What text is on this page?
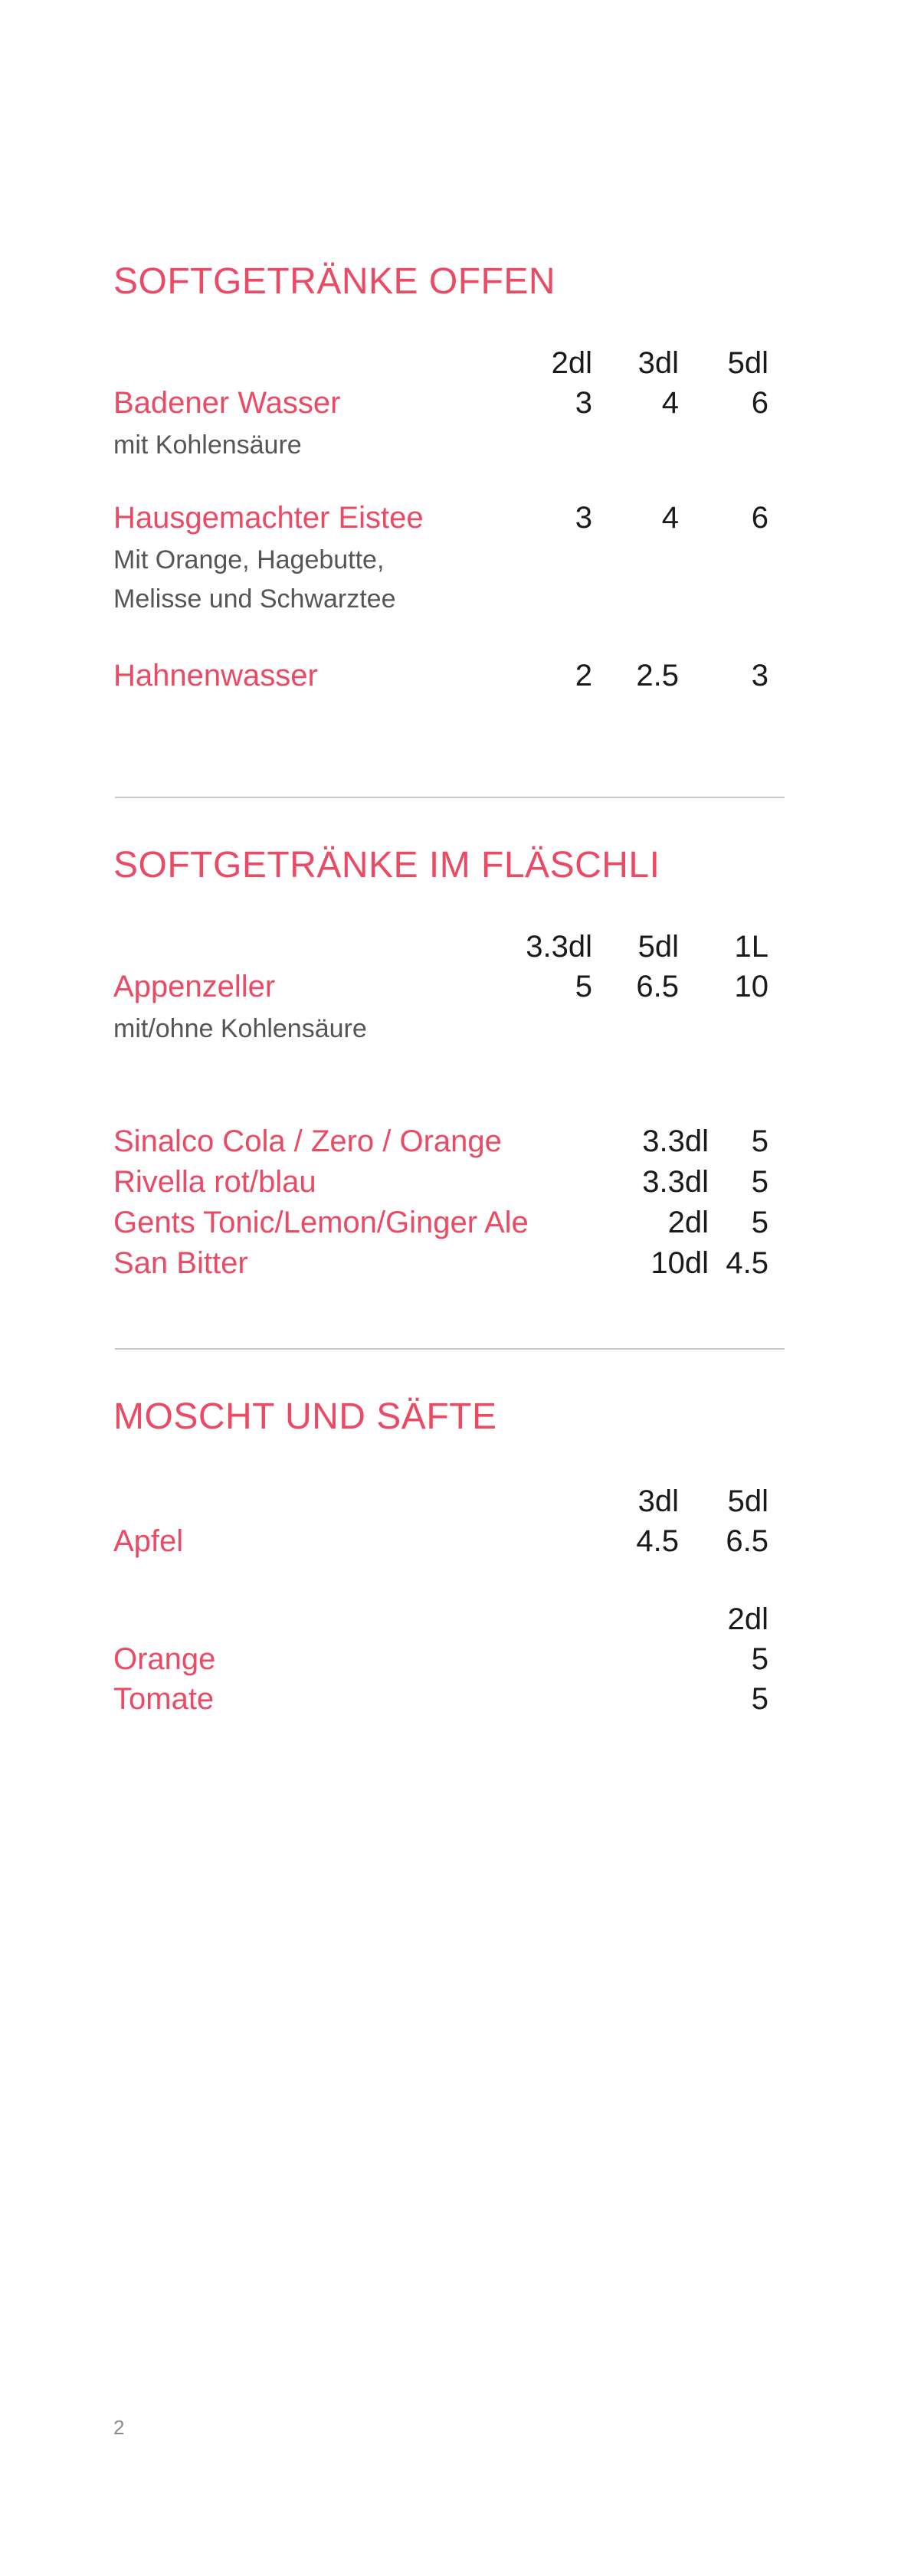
SOFTGETRÄNKE OFFEN
2dl 3dl 5dl
Badener Wasser	3 4 6
mit Kohlensäure
Hausgemachter Eistee	3 4 6
Mit Orange, Hagebutte,
Melisse und Schwarztee
Hahnenwasser	2 2.5 3
SOFTGETRÄNKE IM FLÄSCHLI
3.3dl 5dl 1L
Appenzeller	5 6.5 10
mit/ohne Kohlensäure
Sinalco Cola / Zero / Orange	3.3dl 5
Rivella rot/blau	3.3dl 5
Gents Tonic/Lemon/Ginger Ale	2dl 5
San Bitter	10dl 4.5
MOSCHT UND SÄFTE
3dl 5dl
Apfel	4.5 6.5
2dl
Orange	5
Tomate	5
2
